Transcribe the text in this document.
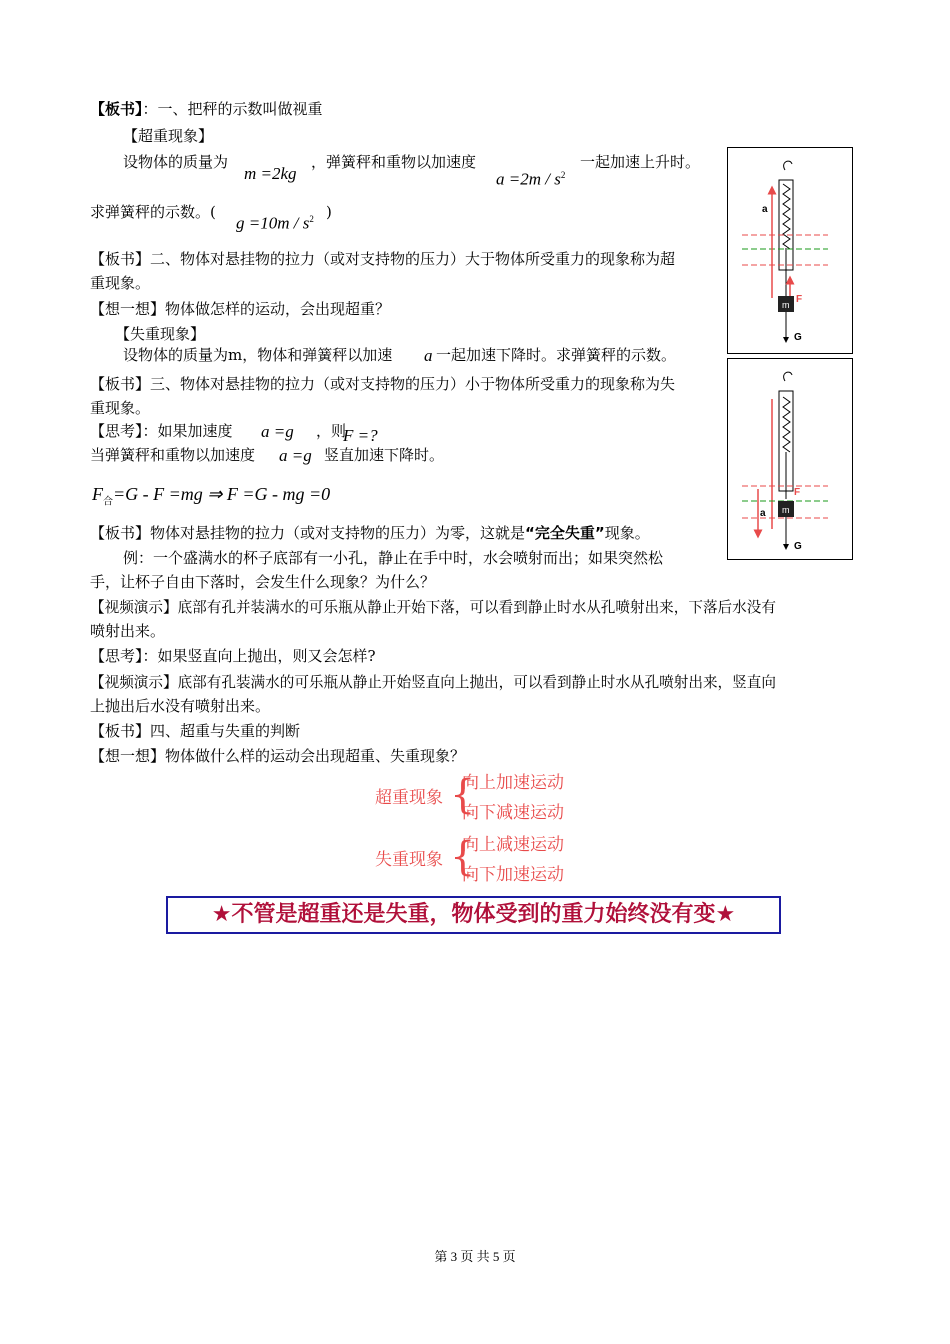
【板书】：一、把秤的示数叫做视重
【超重现象】
设物体的质量为
m =2kg
，弹簧秤和重物以加速度
$a =2m / s^2$
一起加速上升时。
求弹簧秤的示数。(
$g =10m / s^2$ )
【板书】二、物体对悬挂物的拉力（或对支持物的压力）大于物体所受重力的现象称为超
重现象。
【想一想】物体做怎样的运动，会出现超重？
【失重现象】
设物体的质量为m，物体和弹簧秤以加速 a 一起加速下降时。求弹簧秤的示数。
【板书】三、物体对悬挂物的拉力（或对支持物的压力）小于物体所受重力的现象称为失
重现象。
【思考】：如果加速度 a =g ，则
F =?
当弹簧秤和重物以加速度 a =g 竖直加速下降时。
$F_合=G - F =mg$ ⇒ F =G - mg =0
【板书】物体对悬挂物的拉力（或对支持物的压力）为零，这就是“完全失重”现象。
例：一个盛满水的杯子底部有一小孔，静止在手中时，水会喷射而出；如果突然松
手，让杯子自由下落时，会发生什么现象？为什么？
【视频演示】底部有孔并装满水的可乐瓶从静止开始下落，可以看到静止时水从孔喷射出来，下落后水没有
喷射出来。
【思考】：如果竖直向上抛出，则又会怎样?
【视频演示】底部有孔装满水的可乐瓶从静止开始竖直向上抛出，可以看到静止时水从孔喷射出来，竖直向
上抛出后水没有喷射出来。
【板书】四、超重与失重的判断
【想一想】物体做什么样的运动会出现超重、失重现象？
超重现象 {
向上加速运动
向下减速运动
失重现象 {
向上减速运动
向下加速运动
★不管是超重还是失重，物体受到的重力始终没有变★
a
F
m
G
a
F
m
G
第 3 页 共 5 页
